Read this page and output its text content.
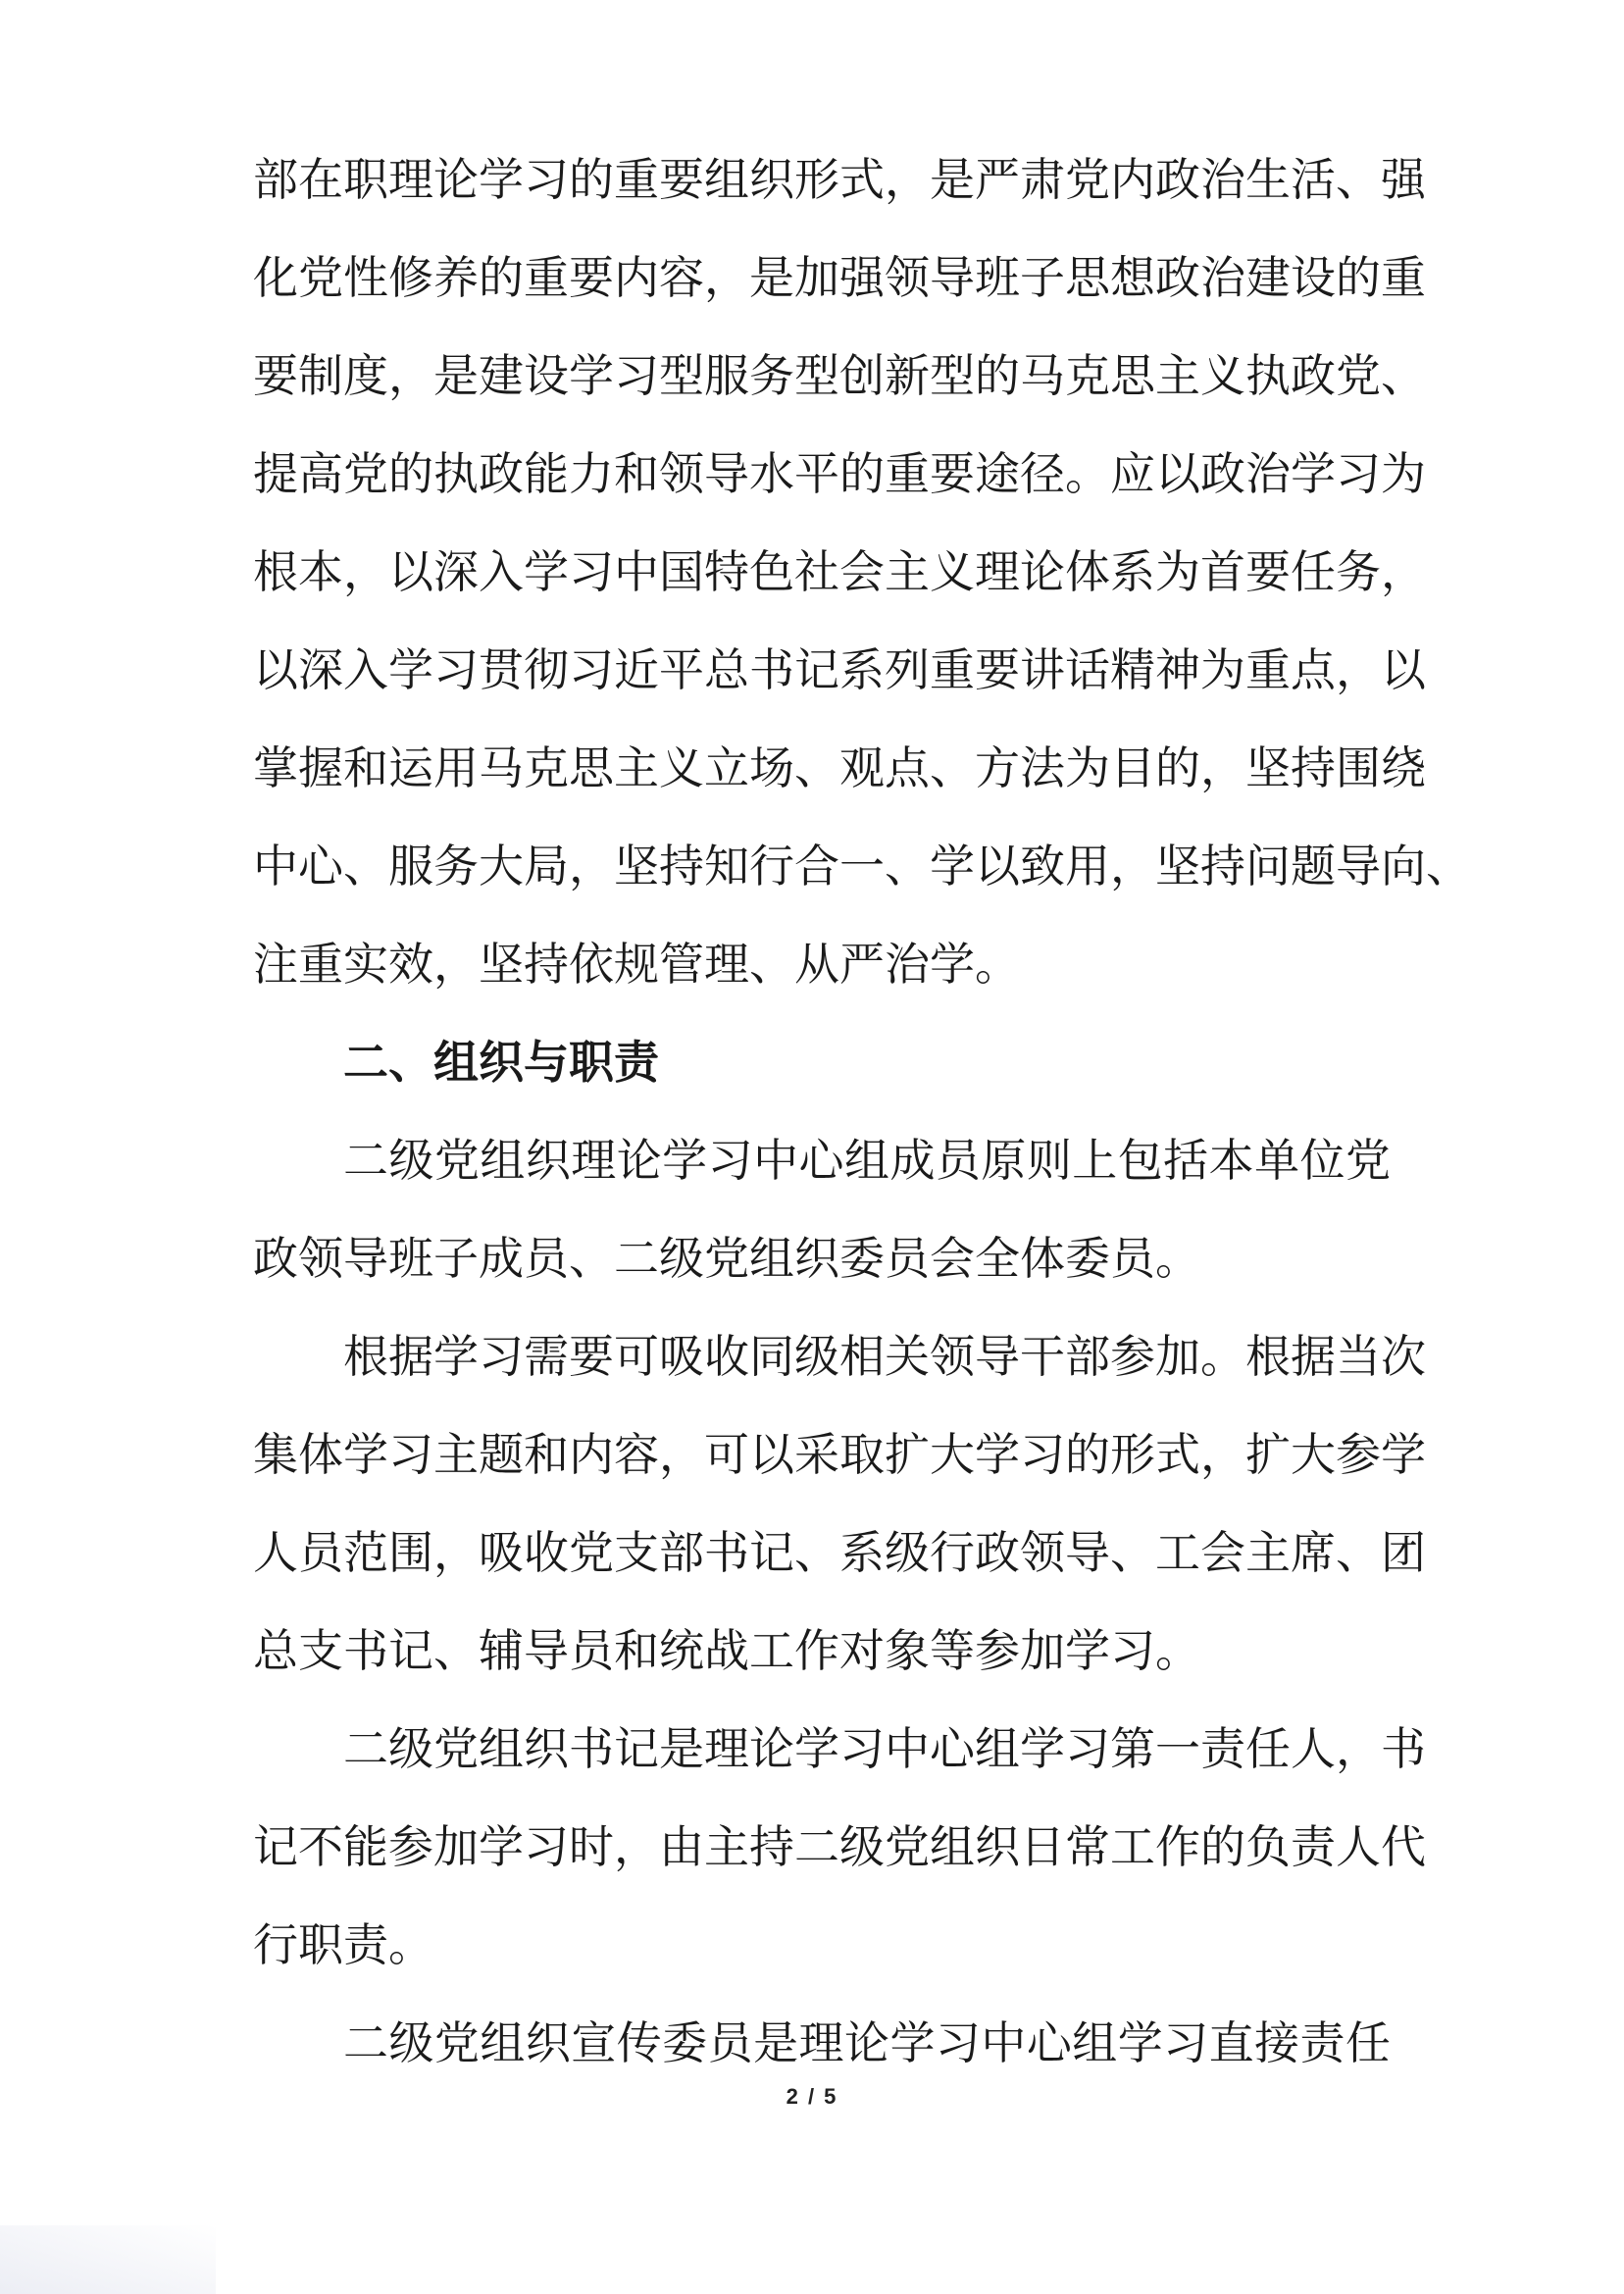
部在职理论学习的重要组织形式，是严肃党内政治生活、强
化党性修养的重要内容，是加强领导班子思想政治建设的重
要制度，是建设学习型服务型创新型的马克思主义执政党、
提高党的执政能力和领导水平的重要途径。应以政治学习为
根本，以深入学习中国特色社会主义理论体系为首要任务，
以深入学习贯彻习近平总书记系列重要讲话精神为重点，以
掌握和运用马克思主义立场、观点、方法为目的，坚持围绕
中心、服务大局，坚持知行合一、学以致用，坚持问题导向、
注重实效，坚持依规管理、从严治学。
二、组织与职责
二级党组织理论学习中心组成员原则上包括本单位党
政领导班子成员、二级党组织委员会全体委员。
根据学习需要可吸收同级相关领导干部参加。根据当次
集体学习主题和内容，可以采取扩大学习的形式，扩大参学
人员范围，吸收党支部书记、系级行政领导、工会主席、团
总支书记、辅导员和统战工作对象等参加学习。
二级党组织书记是理论学习中心组学习第一责任人，书
记不能参加学习时，由主持二级党组织日常工作的负责人代
行职责。
二级党组织宣传委员是理论学习中心组学习直接责任
2 / 5
